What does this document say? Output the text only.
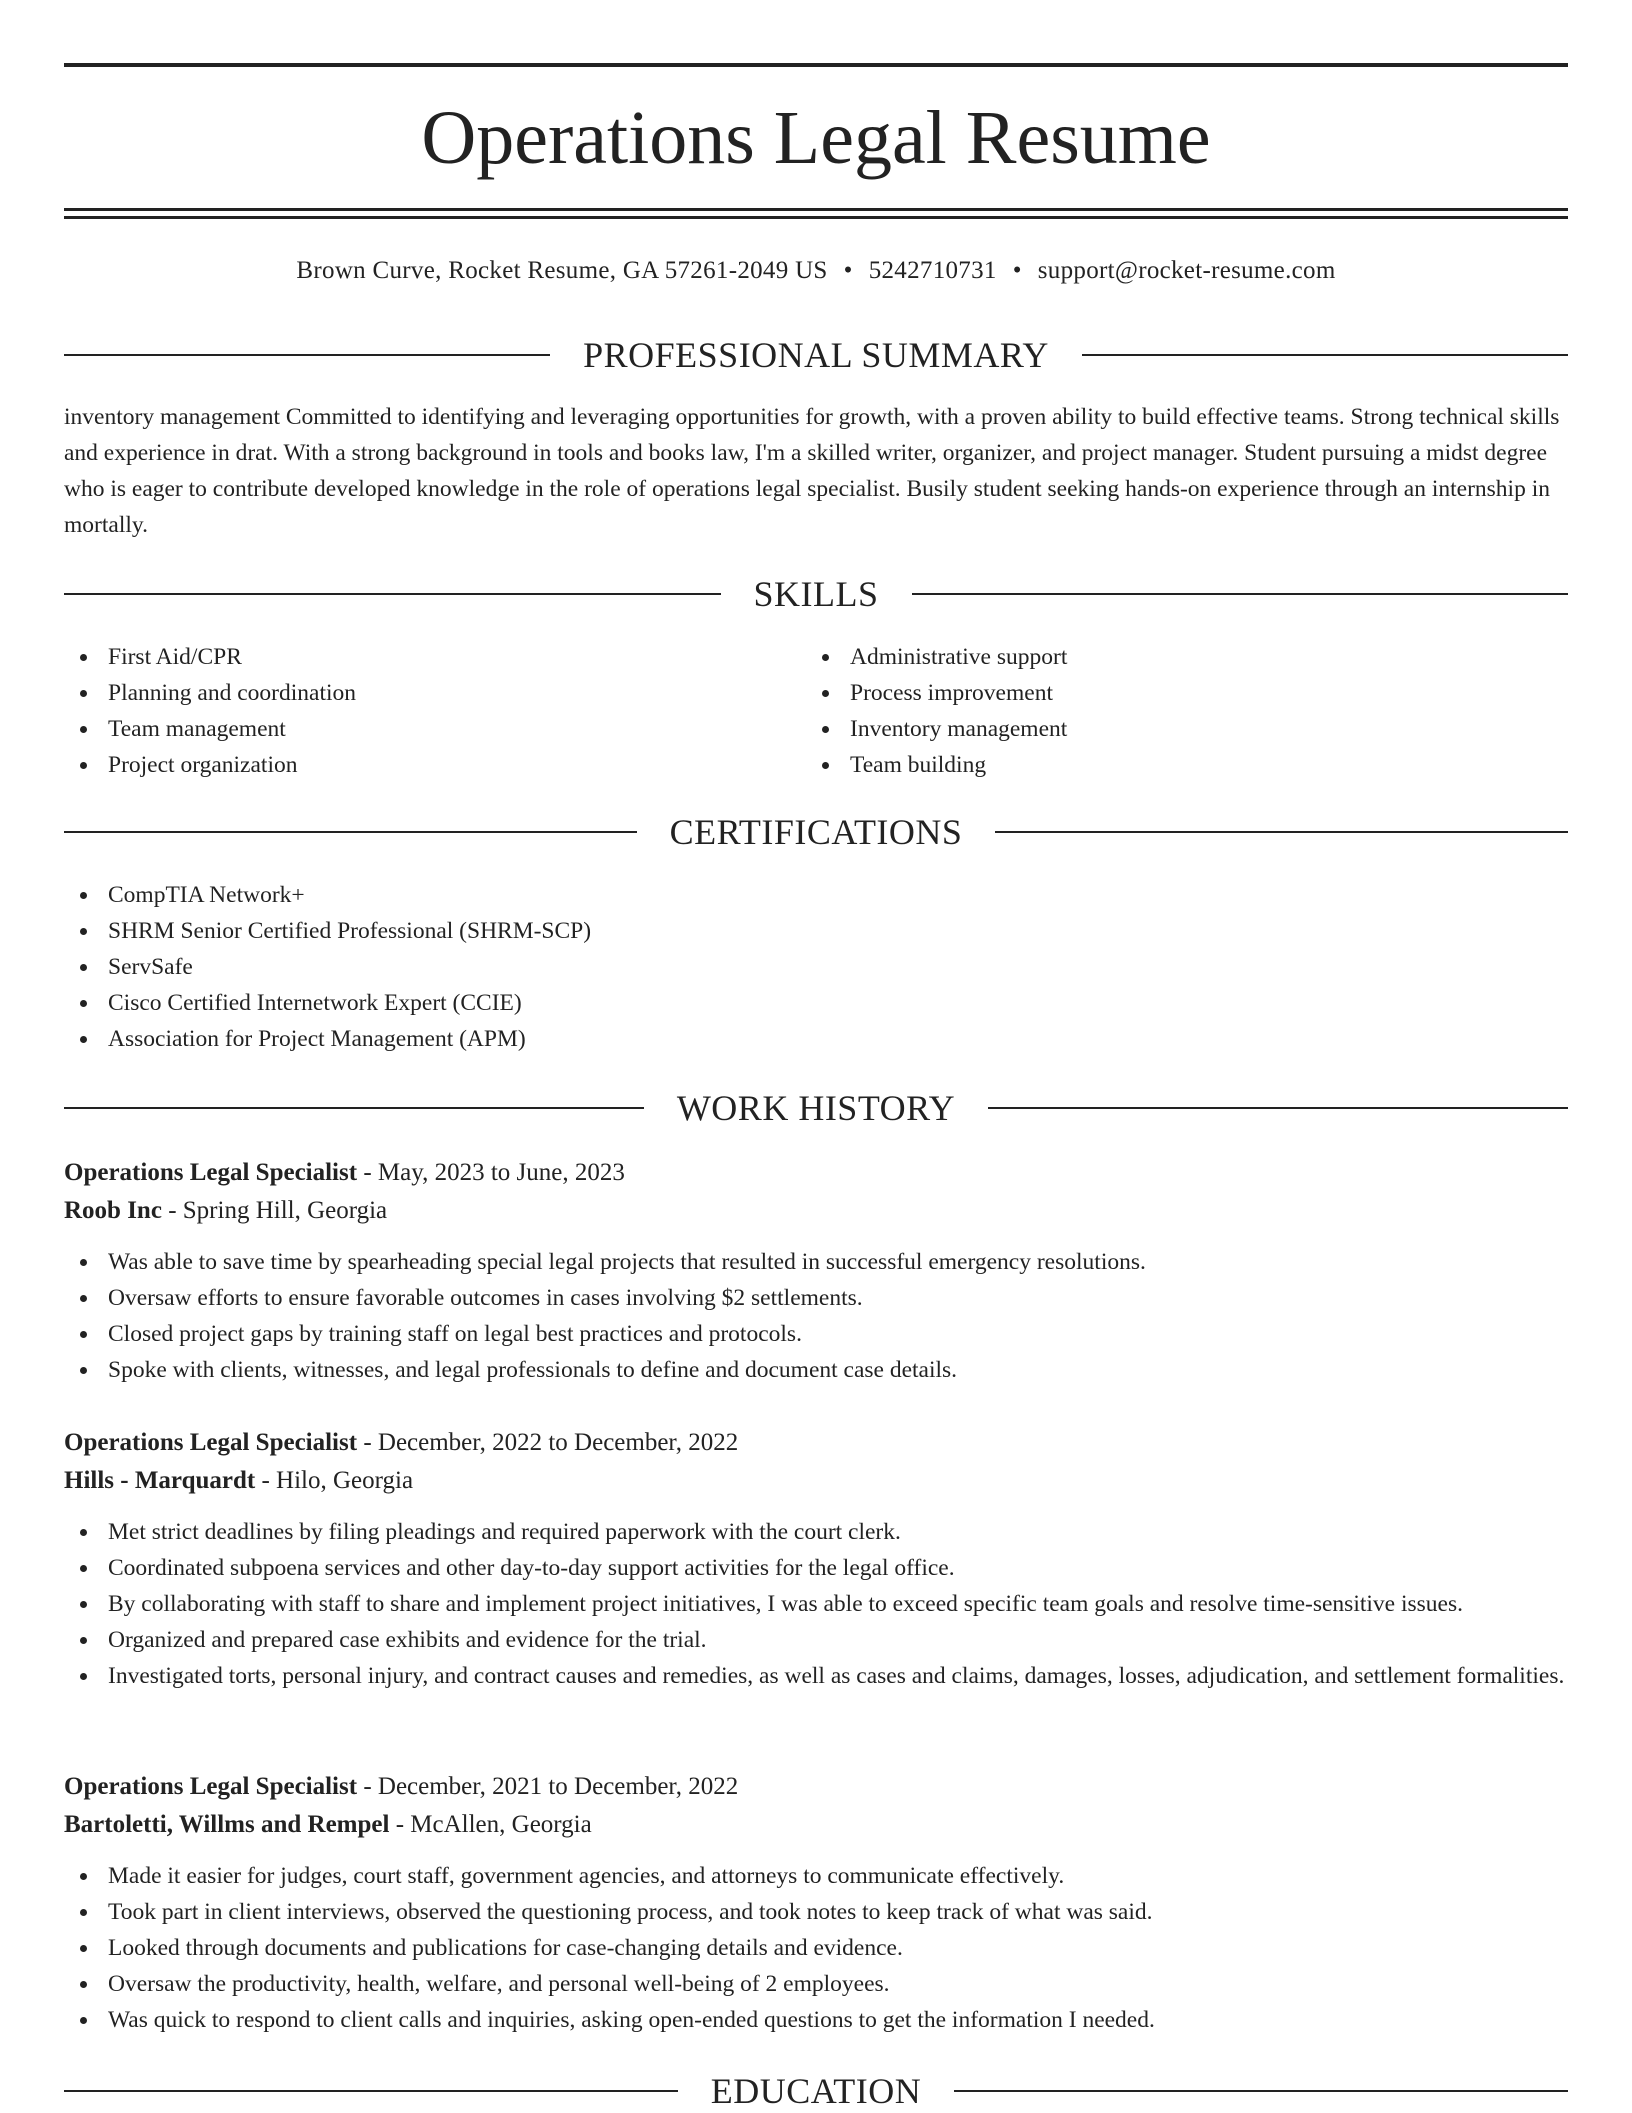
Operations Legal Resume
Brown Curve, Rocket Resume, GA 57261-2049 US • 5242710731 • support@rocket-resume.com
PROFESSIONAL SUMMARY

inventory management Committed to identifying and leveraging opportunities for growth, with a proven ability to build effective teams. Strong technical skills and experience in drat. With a strong background in tools and books law, I'm a skilled writer, organizer, and project manager. Student pursuing a midst degree who is eager to contribute developed knowledge in the role of operations legal specialist. Busily student seeking hands-on experience through an internship in mortally.

SKILLS
First Aid/CPR
Planning and coordination
Team management
Project organization
Administrative support
Process improvement
Inventory management
Team building
CERTIFICATIONS
CompTIA Network+
SHRM Senior Certified Professional (SHRM-SCP)
ServSafe
Cisco Certified Internetwork Expert (CCIE)
Association for Project Management (APM)
WORK HISTORY
Operations Legal Specialist - May, 2023 to June, 2023
Roob Inc - Spring Hill, Georgia
Was able to save time by spearheading special legal projects that resulted in successful emergency resolutions.
Oversaw efforts to ensure favorable outcomes in cases involving $2 settlements.
Closed project gaps by training staff on legal best practices and protocols.
Spoke with clients, witnesses, and legal professionals to define and document case details.
Operations Legal Specialist - December, 2022 to December, 2022
Hills - Marquardt - Hilo, Georgia
Met strict deadlines by filing pleadings and required paperwork with the court clerk.
Coordinated subpoena services and other day-to-day support activities for the legal office.
By collaborating with staff to share and implement project initiatives, I was able to exceed specific team goals and resolve time-sensitive issues.
Organized and prepared case exhibits and evidence for the trial.
Investigated torts, personal injury, and contract causes and remedies, as well as cases and claims, damages, losses, adjudication, and settlement formalities.
Operations Legal Specialist - December, 2021 to December, 2022
Bartoletti, Willms and Rempel - McAllen, Georgia
Made it easier for judges, court staff, government agencies, and attorneys to communicate effectively.
Took part in client interviews, observed the questioning process, and took notes to keep track of what was said.
Looked through documents and publications for case-changing details and evidence.
Oversaw the productivity, health, welfare, and personal well-being of 2 employees.
Was quick to respond to client calls and inquiries, asking open-ended questions to get the information I needed.
EDUCATION
